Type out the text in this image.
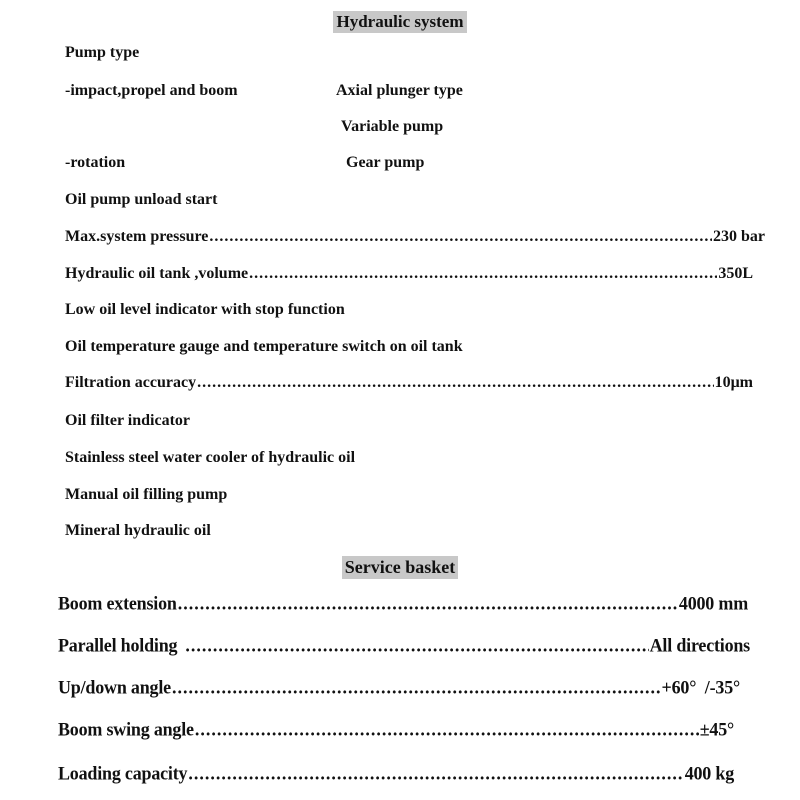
Hydraulic system
Pump type
-impact,propel and boom	Axial plunger type
Variable pump
-rotation	Gear pump
Oil pump unload start
Max.system pressure .....	230 bar
Hydraulic oil tank ,volume .....	350L
Low oil level indicator with stop function
Oil temperature gauge and temperature switch on oil tank
Filtration accuracy .....	10μm
Oil filter indicator
Stainless steel water cooler of hydraulic oil
Manual oil filling pump
Mineral hydraulic oil
Service basket
Boom extension .....	4000 mm
Parallel holding .....	All directions
Up/down angle .....	+60°  /-35°
Boom swing angle .....	±45°
Loading capacity .....	400 kg
